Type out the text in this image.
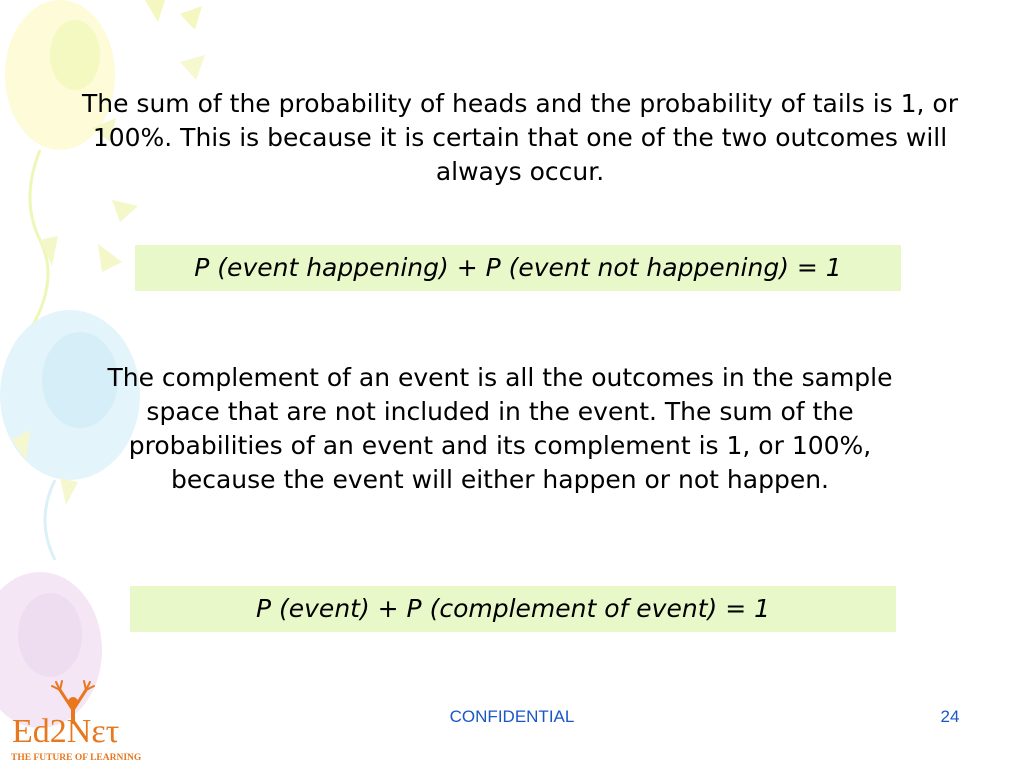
The sum of the probability of heads and the probability of tails is 1, or 100%. This is because it is certain that one of the two outcomes will always occur.

P (event happening) + P (event not happening) = 1

The complement of an event is all the outcomes in the sample space that are not included in the event. The sum of the probabilities of an event and its complement is 1, or 100%, because the event will either happen or not happen.

P (event) + P (complement of event) = 1
CONFIDENTIAL	24
Ed2Nετ
THE FUTURE OF LEARNING
